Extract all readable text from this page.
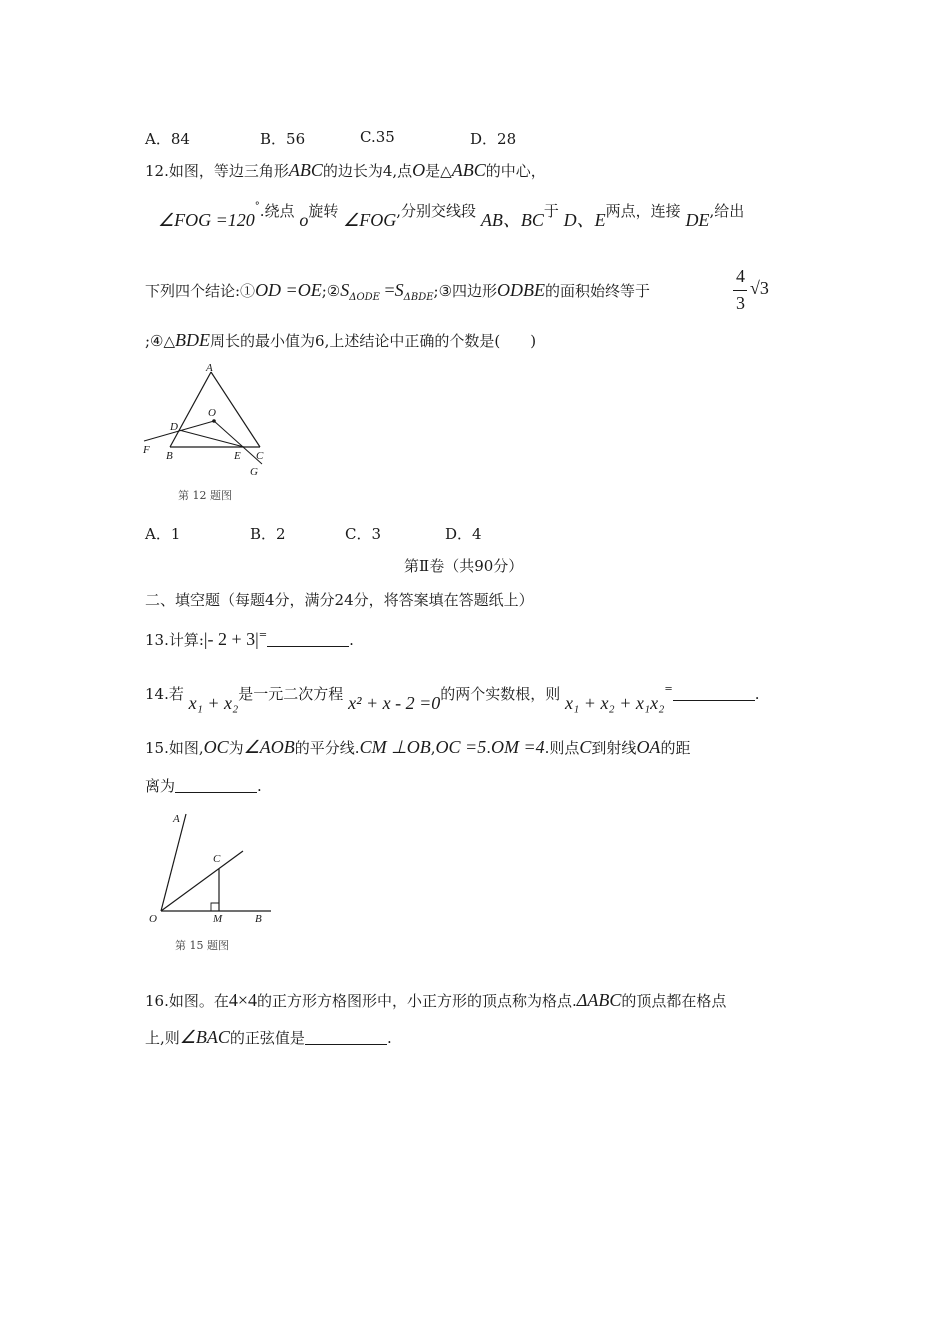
A．84	B．56	C.35	D．28
12.如图，等边三角形ABC的边长为4,点O是△ABC的中心，
∠FOG =120°.绕点 o旋转 ∠FOG,分别交线段 AB、BC于 D、E两点，连接 DE,给出
下列四个结论:①OD $=OE;②S_{\Delta ODE}$ $=S_{\Delta BDE};③$四边形ODBE的面积始终等于
4
3
√3
;④△BDE周长的最小值为6,上述结论中正确的个数是(　　)
A
O
D
F B	E C
G
第 12 题图
A．1	B．2	C．3	D．4
第Ⅱ卷（共90分）
二、填空题（每题4分，满分24分，将答案填在答题纸上）
13.计算:|- 2 + 3|=	.
14.若 x₁ + x₂是一元二次方程 x² + x - 2 =0的两个实数根，则 x₁ + x₂ + x₁x₂=	.
15.如图,OC为∠AOB的平分线.CM ⊥OB,OC =5.OM =4.则点C到射线OA的距
离为	.
A
C
O	M	B
第 15 题图
16.如图。在4×4的正方形方格图形中，小正方形的顶点称为格点.ΔABC的顶点都在格点
上,则∠BAC的正弦值是	.
